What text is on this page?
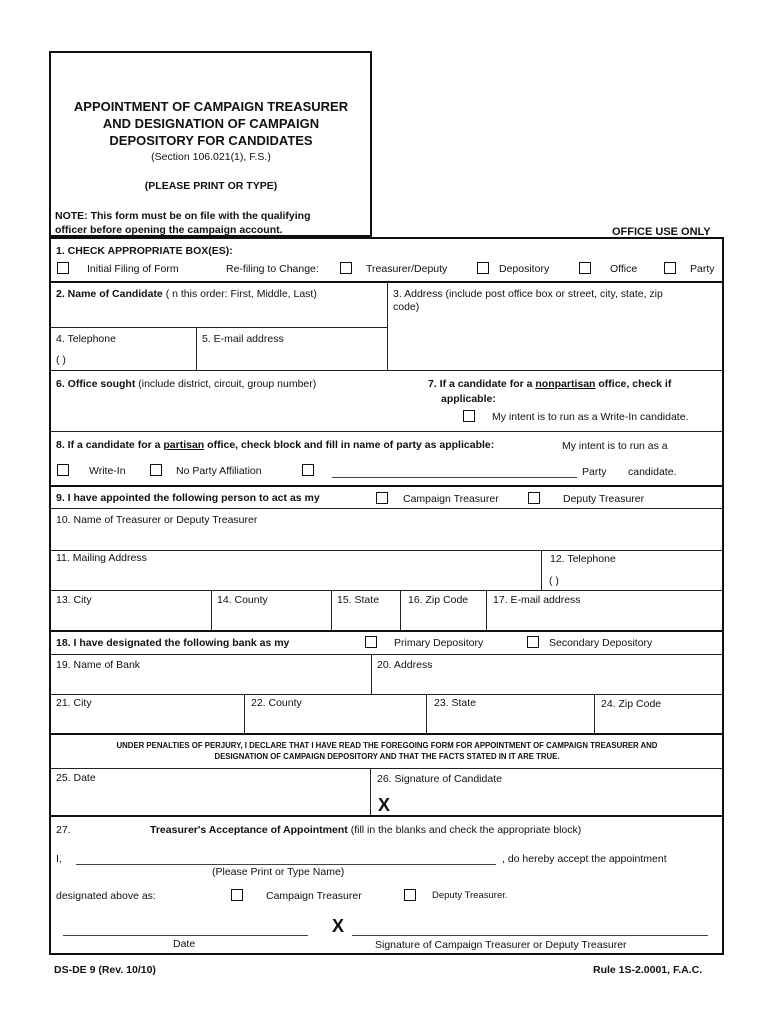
APPOINTMENT OF CAMPAIGN TREASURER
AND DESIGNATION OF CAMPAIGN
DEPOSITORY FOR CANDIDATES
(Section 106.021(1), F.S.)
(PLEASE PRINT OR TYPE)
NOTE: This form must be on file with the qualifying
officer before opening the campaign account.	OFFICE USE ONLY
1. CHECK APPROPRIATE BOX(ES):
Initial Filing of Form	Re-filing to Change:	Treasurer/Deputy	Depository	Office	Party
2. Name of Candidate ( n this order: First, Middle, Last)	3. Address (include post office box or street, city, state, zip
code)
4. Telephone
( )
5. E-mail address
6. Office sought (include district, circuit, group number)	7. If a candidate for a nonpartisan office, check if
applicable:
My intent is to run as a Write-In candidate.
8. If a candidate for a partisan office, check block and fill in name of party as applicable:	My intent is to run as a
Write-In	No Party Affiliation	Party candidate.
9. I have appointed the following person to act as my	Campaign Treasurer	Deputy Treasurer
10. Name of Treasurer or Deputy Treasurer
11. Mailing Address	12. Telephone
( )
13. City	14. County	15. State	16. Zip Code 17. E-mail address
18. I have designated the following bank as my	Primary Depository	Secondary Depository
19. Name of Bank	20. Address
21. City	22. County	23. State	24. Zip Code
UNDER PENALTIES OF PERJURY, I DECLARE THAT I HAVE READ THE FOREGOING FORM FOR APPOINTMENT OF CAMPAIGN TREASURER AND
DESIGNATION OF CAMPAIGN DEPOSITORY AND THAT THE FACTS STATED IN IT ARE TRUE.
25. Date	26. Signature of Candidate
X
27.	Treasurer's Acceptance of Appointment (fill in the blanks and check the appropriate block)
I,	, do hereby accept the appointment
(Please Print or Type Name)
designated above as:	Campaign Treasurer	Deputy Treasurer.
X
Date	Signature of Campaign Treasurer or Deputy Treasurer
DS-DE 9 (Rev. 10/10)	Rule 1S-2.0001, F.A.C.
